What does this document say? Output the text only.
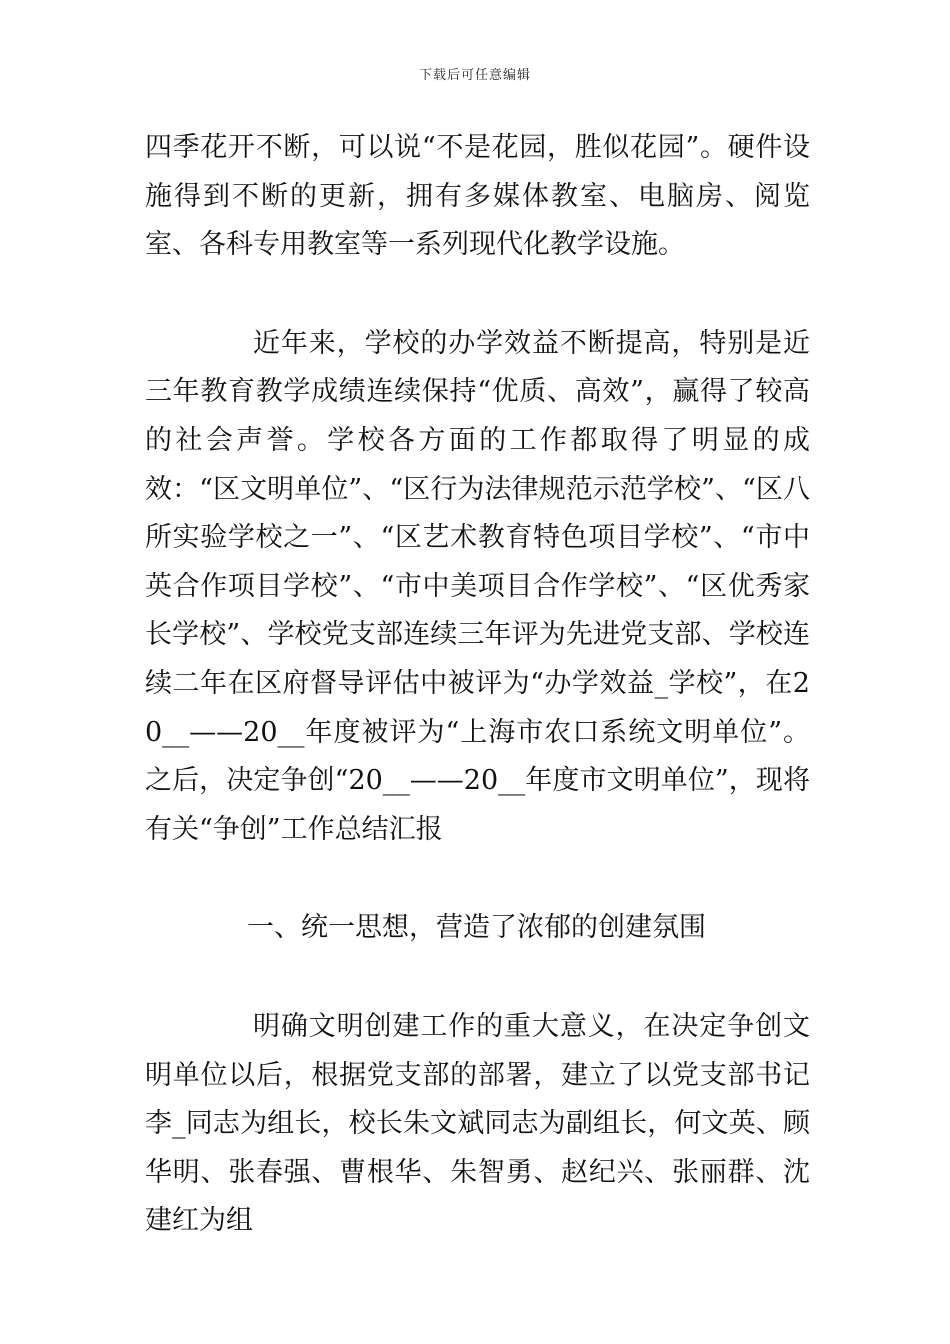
下载后可任意编辑

四季花开不断，可以说“不是花园，胜似花园”。硬件设施得到不断的更新，拥有多媒体教室、电脑房、阅览室、各科专用教室等一系列现代化教学设施。

近年来，学校的办学效益不断提高，特别是近三年教育教学成绩连续保持“优质、高效”，赢得了较高的社会声誉。学校各方面的工作都取得了明显的成效：“区文明单位”、“区行为法律规范示范学校”、“区八所实验学校之一”、“区艺术教育特色项目学校”、“市中英合作项目学校”、“市中美项目合作学校”、“区优秀家长学校”、学校党支部连续三年评为先进党支部、学校连续二年在区府督导评估中被评为“办学效益_学校”，在20__——20__年度被评为“上海市农口系统文明单位”。之后，决定争创“20__——20__年度市文明单位”，现将有关“争创”工作总结汇报

一、统一思想，营造了浓郁的创建氛围

明确文明创建工作的重大意义，在决定争创文明单位以后，根据党支部的部署，建立了以党支部书记李_同志为组长，校长朱文斌同志为副组长，何文英、顾华明、张春强、曹根华、朱智勇、赵纪兴、张丽群、沈建红为组
